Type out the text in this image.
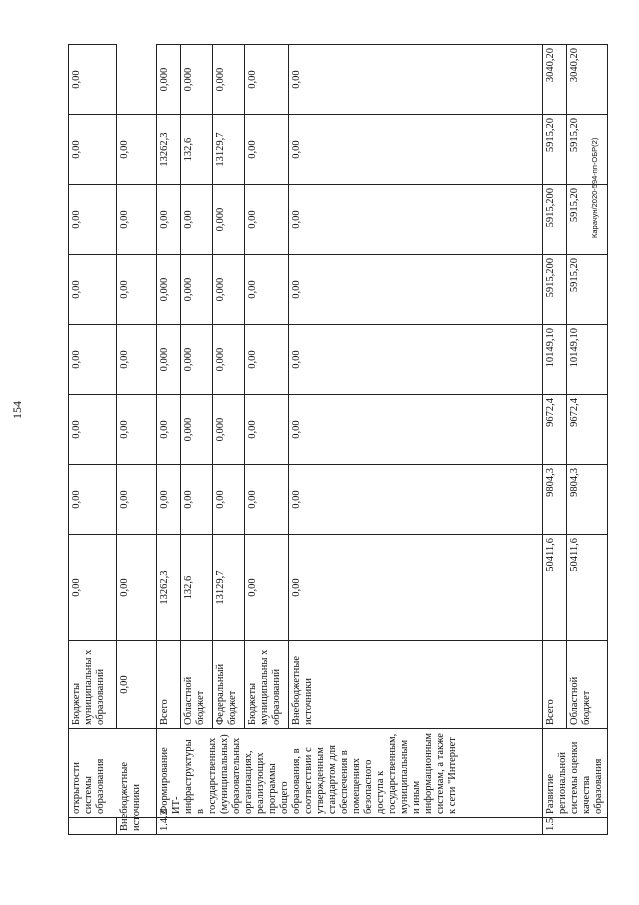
154
Карачун/2020-594-пп-ОБР(2)
	открытости системы образования	Бюджеты муниципальны х образований	0,00	0,00	0,00	0,00	0,00	0,00	0,00	0,00
Внебюджетные источники		0,00	0,00	0,00	0,00	0,00	0,00	0,00	0,00	
1.4.2	Формирование ИТ-инфраструктуры в государственных (муниципальных) образовательных организациях, реализующих программы общего образования, в соответствии с утвержденным стандартом для обеспечения в помещениях безопасного доступа к государственным, муниципальным и иным информационным системам, а также к сети "Интернет	Всего	13262,3	0,00	0,00	0,000	0,000	0,00	13262,3	0,000
		Областной бюджет	132,6	0,00	0,000	0,000	0,000	0,00	132,6	0,000
		Федеральный бюджет	13129,7	0,00	0,000	0,000	0,000	0,000	13129,7	0,000
		Бюджеты муниципальны х образований	0,00	0,00	0,00	0,00	0,00	0,00	0,00	0,00
		Внебюджетные источники	0,00	0,00	0,00	0,00	0,00	0,00	0,00	0,00
1.5	Развитие региональной системы оценки качества образования	Всего	50411,6	9804,3	9672,4	10149,10	5915,200	5915,200	5915,20	3040,20
		Областной бюджет	50411,6	9804,3	9672,4	10149,10	5915,20	5915,20	5915,20	3040,20
